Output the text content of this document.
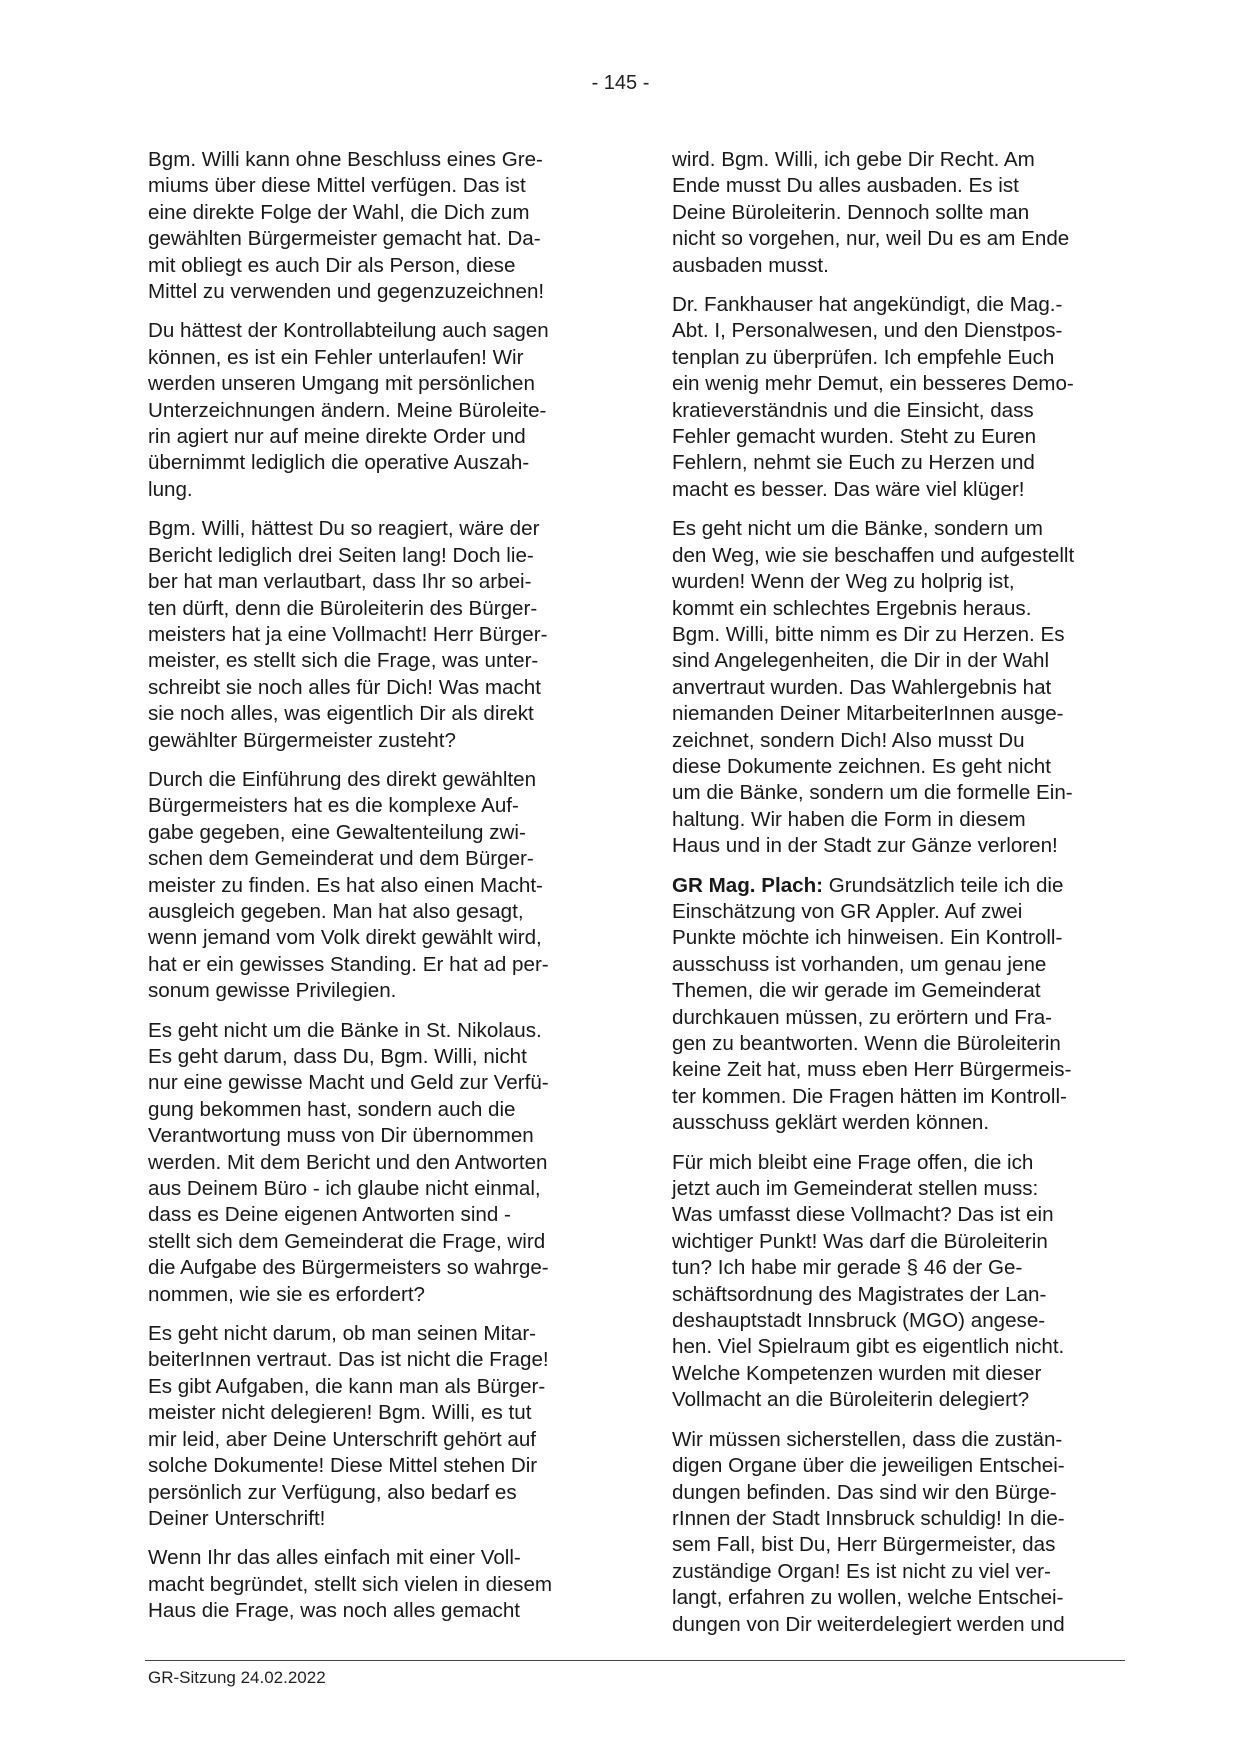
- 145 -

Bgm. Willi kann ohne Beschluss eines Gre-
miums über diese Mittel verfügen. Das ist
eine direkte Folge der Wahl, die Dich zum
gewählten Bürgermeister gemacht hat. Da-
mit obliegt es auch Dir als Person, diese
Mittel zu verwenden und gegenzuzeichnen!

Du hättest der Kontrollabteilung auch sagen
können, es ist ein Fehler unterlaufen! Wir
werden unseren Umgang mit persönlichen
Unterzeichnungen ändern. Meine Büroleite-
rin agiert nur auf meine direkte Order und
übernimmt lediglich die operative Auszah-
lung.

Bgm. Willi, hättest Du so reagiert, wäre der
Bericht lediglich drei Seiten lang! Doch lie-
ber hat man verlautbart, dass Ihr so arbei-
ten dürft, denn die Büroleiterin des Bürger-
meisters hat ja eine Vollmacht! Herr Bürger-
meister, es stellt sich die Frage, was unter-
schreibt sie noch alles für Dich! Was macht
sie noch alles, was eigentlich Dir als direkt
gewählter Bürgermeister zusteht?

Durch die Einführung des direkt gewählten
Bürgermeisters hat es die komplexe Auf-
gabe gegeben, eine Gewaltenteilung zwi-
schen dem Gemeinderat und dem Bürger-
meister zu finden. Es hat also einen Macht-
ausgleich gegeben. Man hat also gesagt,
wenn jemand vom Volk direkt gewählt wird,
hat er ein gewisses Standing. Er hat ad per-
sonum gewisse Privilegien.

Es geht nicht um die Bänke in St. Nikolaus.
Es geht darum, dass Du, Bgm. Willi, nicht
nur eine gewisse Macht und Geld zur Verfü-
gung bekommen hast, sondern auch die
Verantwortung muss von Dir übernommen
werden. Mit dem Bericht und den Antworten
aus Deinem Büro - ich glaube nicht einmal,
dass es Deine eigenen Antworten sind -
stellt sich dem Gemeinderat die Frage, wird
die Aufgabe des Bürgermeisters so wahrge-
nommen, wie sie es erfordert?

Es geht nicht darum, ob man seinen Mitar-
beiterInnen vertraut. Das ist nicht die Frage!
Es gibt Aufgaben, die kann man als Bürger-
meister nicht delegieren! Bgm. Willi, es tut
mir leid, aber Deine Unterschrift gehört auf
solche Dokumente! Diese Mittel stehen Dir
persönlich zur Verfügung, also bedarf es
Deiner Unterschrift!

Wenn Ihr das alles einfach mit einer Voll-
macht begründet, stellt sich vielen in diesem
Haus die Frage, was noch alles gemacht

wird. Bgm. Willi, ich gebe Dir Recht. Am
Ende musst Du alles ausbaden. Es ist
Deine Büroleiterin. Dennoch sollte man
nicht so vorgehen, nur, weil Du es am Ende
ausbaden musst.

Dr. Fankhauser hat angekündigt, die Mag.-
Abt. I, Personalwesen, und den Dienstpos-
tenplan zu überprüfen. Ich empfehle Euch
ein wenig mehr Demut, ein besseres Demo-
kratieverständnis und die Einsicht, dass
Fehler gemacht wurden. Steht zu Euren
Fehlern, nehmt sie Euch zu Herzen und
macht es besser. Das wäre viel klüger!

Es geht nicht um die Bänke, sondern um
den Weg, wie sie beschaffen und aufgestellt
wurden! Wenn der Weg zu holprig ist,
kommt ein schlechtes Ergebnis heraus.
Bgm. Willi, bitte nimm es Dir zu Herzen. Es
sind Angelegenheiten, die Dir in der Wahl
anvertraut wurden. Das Wahlergebnis hat
niemanden Deiner MitarbeiterInnen ausge-
zeichnet, sondern Dich! Also musst Du
diese Dokumente zeichnen. Es geht nicht
um die Bänke, sondern um die formelle Ein-
haltung. Wir haben die Form in diesem
Haus und in der Stadt zur Gänze verloren!

GR Mag. Plach: Grundsätzlich teile ich die
Einschätzung von GR Appler. Auf zwei
Punkte möchte ich hinweisen. Ein Kontroll-
ausschuss ist vorhanden, um genau jene
Themen, die wir gerade im Gemeinderat
durchkauen müssen, zu erörtern und Fra-
gen zu beantworten. Wenn die Büroleiterin
keine Zeit hat, muss eben Herr Bürgermeis-
ter kommen. Die Fragen hätten im Kontroll-
ausschuss geklärt werden können.

Für mich bleibt eine Frage offen, die ich
jetzt auch im Gemeinderat stellen muss:
Was umfasst diese Vollmacht? Das ist ein
wichtiger Punkt! Was darf die Büroleiterin
tun? Ich habe mir gerade § 46 der Ge-
schäftsordnung des Magistrates der Lan-
deshauptstadt Innsbruck (MGO) angese-
hen. Viel Spielraum gibt es eigentlich nicht.
Welche Kompetenzen wurden mit dieser
Vollmacht an die Büroleiterin delegiert?

Wir müssen sicherstellen, dass die zustän-
digen Organe über die jeweiligen Entschei-
dungen befinden. Das sind wir den Bürge-
rInnen der Stadt Innsbruck schuldig! In die-
sem Fall, bist Du, Herr Bürgermeister, das
zuständige Organ! Es ist nicht zu viel ver-
langt, erfahren zu wollen, welche Entschei-
dungen von Dir weiterdelegiert werden und

GR-Sitzung 24.02.2022
